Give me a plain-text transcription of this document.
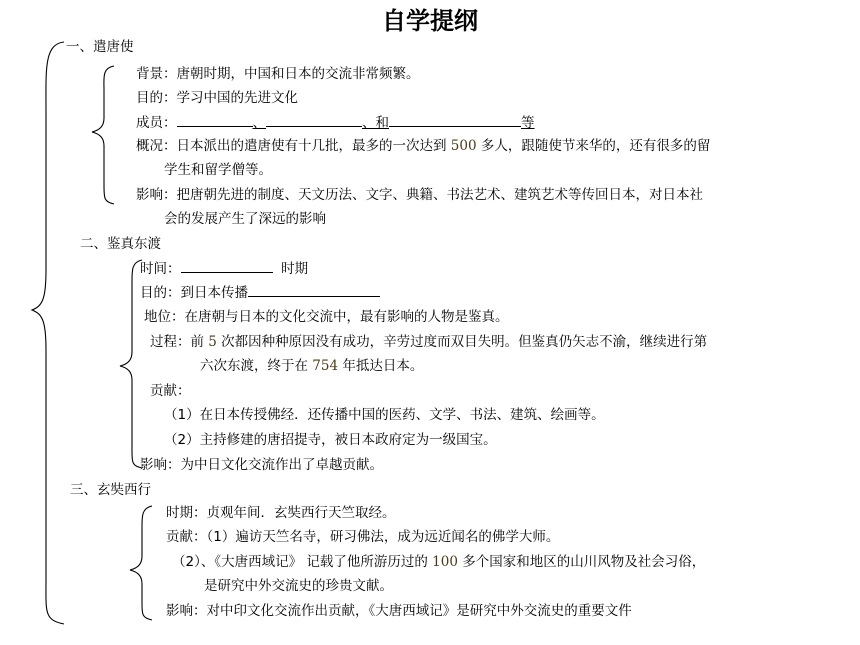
自学提纲
一、遣唐使
背景：唐朝时期，中国和日本的交流非常频繁。
目的：学习中国的先进文化
成员：	、	、和	等
概况：日本派出的遣唐使有十几批，最多的一次达到 500 多人，跟随使节来华的，还有很多的留
学生和留学僧等。
影响：把唐朝先进的制度、天文历法、文字、典籍、书法艺术、建筑艺术等传回日本，对日本社
会的发展产生了深远的影响
二、鉴真东渡
时间：	时期
目的：到日本传播
地位：在唐朝与日本的文化交流中，最有影响的人物是鉴真。
过程：前 5 次都因种种原因没有成功，辛劳过度而双目失明。但鉴真仍矢志不渝，继续进行第
六次东渡，终于在 754 年抵达日本。
贡献：
（1）在日本传授佛经．还传播中国的医药、文学、书法、建筑、绘画等。
（2）主持修建的唐招提寺，被日本政府定为一级国宝。
影响：为中日文化交流作出了卓越贡献。
三、玄奘西行
时期：贞观年间．玄奘西行天竺取经。
贡献：（1）遍访天竺名寺，研习佛法，成为远近闻名的佛学大师。
（2）、《大唐西域记》 记载了他所游历过的 100 多个国家和地区的山川风物及社会习俗，
是研究中外交流史的珍贵文献。
影响：对中印文化交流作出贡献，《大唐西域记》是研究中外交流史的重要文件
